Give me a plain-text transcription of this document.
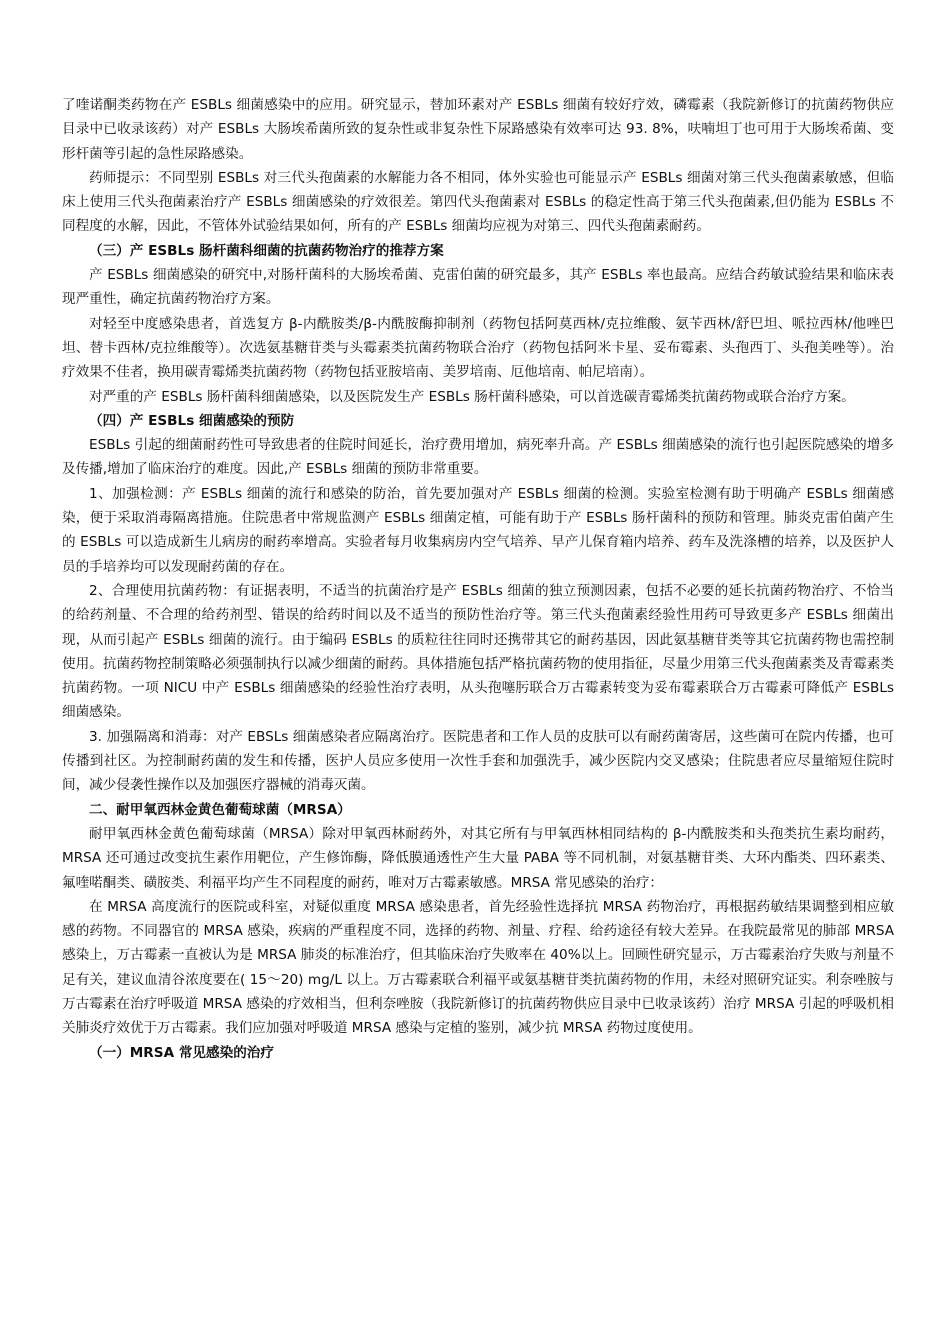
了喹诺酮类药物在产 ESBLs 细菌感染中的应用。研究显示，替加环素对产 ESBLs 细菌有较好疗效，磷霉素（我院新修订的抗菌药物供应目录中已收录该药）对产 ESBLs 大肠埃希菌所致的复杂性或非复杂性下尿路感染有效率可达 93. 8%，呋喃坦丁也可用于大肠埃希菌、变形杆菌等引起的急性尿路感染。

药师提示：不同型别 ESBLs 对三代头孢菌素的水解能力各不相同，体外实验也可能显示产 ESBLs 细菌对第三代头孢菌素敏感，但临床上使用三代头孢菌素治疗产 ESBLs 细菌感染的疗效很差。第四代头孢菌素对 ESBLs 的稳定性高于第三代头孢菌素,但仍能为 ESBLs 不同程度的水解，因此，不管体外试验结果如何，所有的产 ESBLs 细菌均应视为对第三、四代头孢菌素耐药。

（三）产 ESBLs 肠杆菌科细菌的抗菌药物治疗的推荐方案

产 ESBLs 细菌感染的研究中,对肠杆菌科的大肠埃希菌、克雷伯菌的研究最多，其产 ESBLs 率也最高。应结合药敏试验结果和临床表现严重性，确定抗菌药物治疗方案。

对轻至中度感染患者，首选复方 β-内酰胺类/β-内酰胺酶抑制剂（药物包括阿莫西林/克拉维酸、氨苄西林/舒巴坦、哌拉西林/他唑巴坦、替卡西林/克拉维酸等）。次选氨基糖苷类与头霉素类抗菌药物联合治疗（药物包括阿米卡星、妥布霉素、头孢西丁、头孢美唑等）。治疗效果不佳者，换用碳青霉烯类抗菌药物（药物包括亚胺培南、美罗培南、厄他培南、帕尼培南）。

对严重的产 ESBLs 肠杆菌科细菌感染，以及医院发生产 ESBLs 肠杆菌科感染，可以首选碳青霉烯类抗菌药物或联合治疗方案。

（四）产 ESBLs 细菌感染的预防

ESBLs 引起的细菌耐药性可导致患者的住院时间延长，治疗费用增加，病死率升高。产 ESBLs 细菌感染的流行也引起医院感染的增多及传播,增加了临床治疗的难度。因此,产 ESBLs 细菌的预防非常重要。

1、加强检测：产 ESBLs 细菌的流行和感染的防治，首先要加强对产 ESBLs 细菌的检测。实验室检测有助于明确产 ESBLs 细菌感染，便于采取消毒隔离措施。住院患者中常规监测产 ESBLs 细菌定植，可能有助于产 ESBLs 肠杆菌科的预防和管理。肺炎克雷伯菌产生的 ESBLs 可以造成新生儿病房的耐药率增高。实验者每月收集病房内空气培养、早产儿保育箱内培养、药车及洗涤槽的培养，以及医护人员的手培养均可以发现耐药菌的存在。

2、合理使用抗菌药物：有证据表明，不适当的抗菌治疗是产 ESBLs 细菌的独立预测因素，包括不必要的延长抗菌药物治疗、不恰当的给药剂量、不合理的给药剂型、错误的给药时间以及不适当的预防性治疗等。第三代头孢菌素经验性用药可导致更多产 ESBLs 细菌出现，从而引起产 ESBLs 细菌的流行。由于编码 ESBLs 的质粒往往同时还携带其它的耐药基因，因此氨基糖苷类等其它抗菌药物也需控制使用。抗菌药物控制策略必须强制执行以减少细菌的耐药。具体措施包括严格抗菌药物的使用指征，尽量少用第三代头孢菌素类及青霉素类抗菌药物。一项 NICU 中产 ESBLs 细菌感染的经验性治疗表明，从头孢噻肟联合万古霉素转变为妥布霉素联合万古霉素可降低产 ESBLs 细菌感染。

3. 加强隔离和消毒：对产 EBSLs 细菌感染者应隔离治疗。医院患者和工作人员的皮肤可以有耐药菌寄居，这些菌可在院内传播，也可传播到社区。为控制耐药菌的发生和传播，医护人员应多使用一次性手套和加强洗手，减少医院内交叉感染；住院患者应尽量缩短住院时间，减少侵袭性操作以及加强医疗器械的消毒灭菌。

二、耐甲氧西林金黄色葡萄球菌（MRSA）

耐甲氧西林金黄色葡萄球菌（MRSA）除对甲氧西林耐药外，对其它所有与甲氧西林相同结构的 β-内酰胺类和头孢类抗生素均耐药，MRSA 还可通过改变抗生素作用靶位，产生修饰酶，降低膜通透性产生大量 PABA 等不同机制，对氨基糖苷类、大环内酯类、四环素类、氟喹喏酮类、磺胺类、利福平均产生不同程度的耐药，唯对万古霉素敏感。MRSA 常见感染的治疗：

在 MRSA 高度流行的医院或科室，对疑似重度 MRSA 感染患者，首先经验性选择抗 MRSA 药物治疗，再根据药敏结果调整到相应敏感的药物。不同器官的 MRSA 感染，疾病的严重程度不同，选择的药物、剂量、疗程、给药途径有较大差异。在我院最常见的肺部 MRSA 感染上，万古霉素一直被认为是 MRSA 肺炎的标准治疗，但其临床治疗失败率在 40%以上。回顾性研究显示，万古霉素治疗失败与剂量不足有关，建议血清谷浓度要在( 15～20) mg/L 以上。万古霉素联合利福平或氨基糖苷类抗菌药物的作用，未经对照研究证实。利奈唑胺与万古霉素在治疗呼吸道 MRSA 感染的疗效相当，但利奈唑胺（我院新修订的抗菌药物供应目录中已收录该药）治疗 MRSA 引起的呼吸机相关肺炎疗效优于万古霉素。我们应加强对呼吸道 MRSA 感染与定植的鉴别，减少抗 MRSA 药物过度使用。

（一）MRSA 常见感染的治疗
